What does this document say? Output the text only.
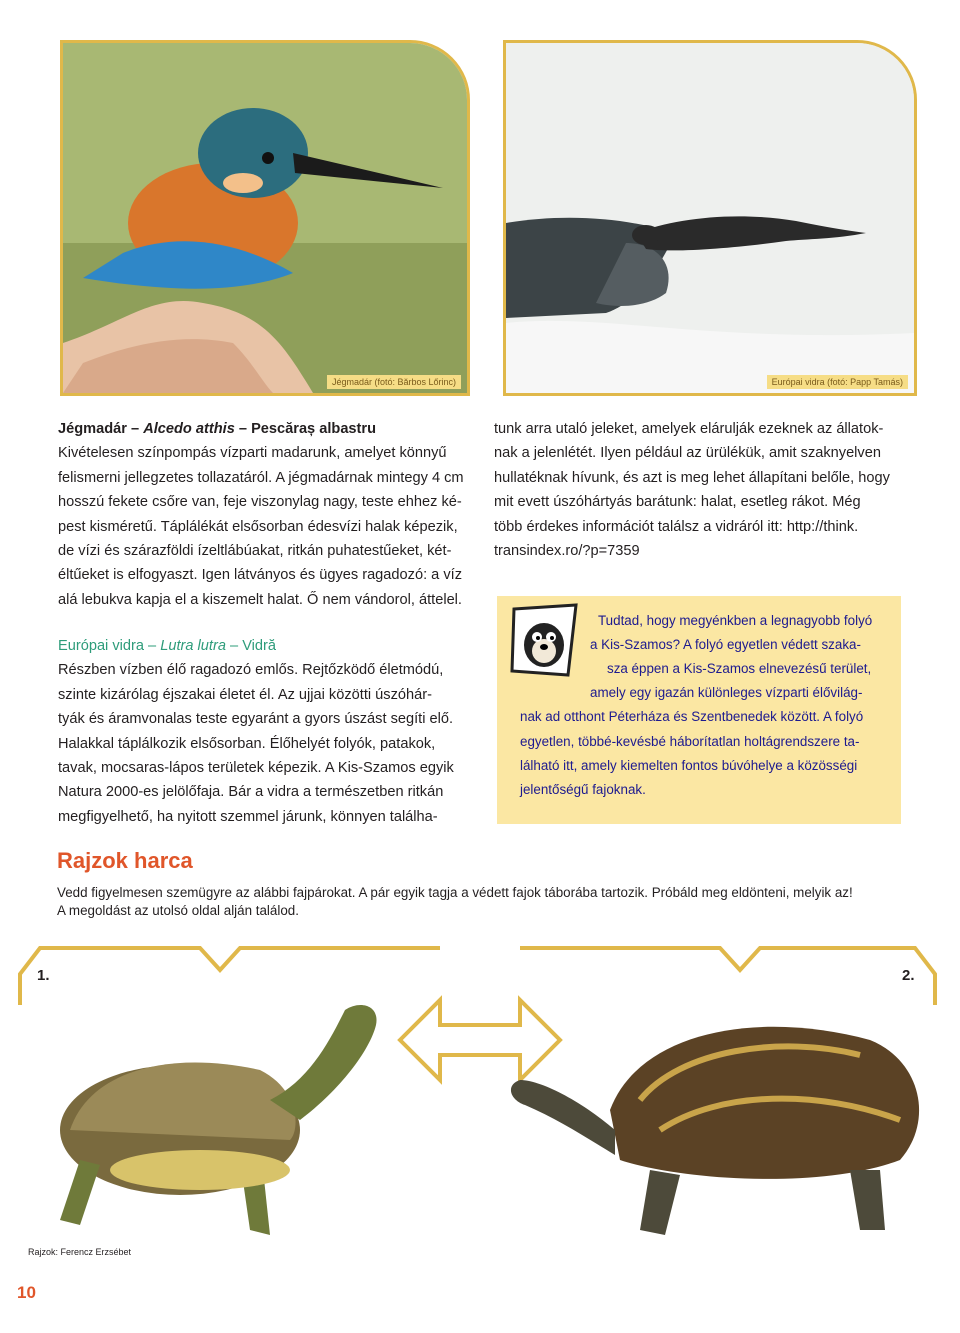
Jégmadár (fotó: Bărbos Lőrinc)	Európai vidra (fotó: Papp Tamás)

Jégmadár – Alcedo atthis – Pescăraș albastru

Kivételesen színpompás vízparti madarunk, amelyet könnyű

felismerni jellegzetes tollazatáról. A jégmadárnak mintegy 4 cm

hosszú fekete csőre van, feje viszonylag nagy, teste ehhez ké-

pest kisméretű. Táplálékát elsősorban édesvízi halak képezik,

de vízi és szárazföldi ízeltlábúakat, ritkán puhatestűeket, két-

éltűeket is elfogyaszt. Igen látványos és ügyes ragadozó: a víz

alá lebukva kapja el a kiszemelt halat. Ő nem vándorol, áttelel.

Európai vidra – Lutra lutra – Vidră

Részben vízben élő ragadozó emlős. Rejtőzködő életmódú,

szinte kizárólag éjszakai életet él. Az ujjai közötti úszóhár-

tyák és áramvonalas teste egyaránt a gyors úszást segíti elő.

Halakkal táplálkozik elsősorban. Élőhelyét folyók, patakok,

tavak, mocsaras-lápos területek képezik. A Kis-Szamos egyik

Natura 2000-es jelölőfaja. Bár a vidra a természetben ritkán

megfigyelhető, ha nyitott szemmel járunk, könnyen találha-

tunk arra utaló jeleket, amelyek elárulják ezeknek az állatok-

nak a jelenlétét. Ilyen például az ürülékük, amit szaknyelven

hullatéknak hívunk, és azt is meg lehet állapítani belőle, hogy

mit evett úszóhártyás barátunk: halat, esetleg rákot. Még

több érdekes információt találsz a vidráról itt: http://think.

transindex.ro/?p=7359

Tudtad, hogy megyénkben a legnagyobb folyó
a Kis-Szamos? A folyó egyetlen védett szaka-
sza éppen a Kis-Szamos elnevezésű terület,
amely egy igazán különleges vízparti élővilág-
nak ad otthont Péterháza és Szentbenedek között. A folyó
egyetlen, többé-kevésbé háborítatlan holtágrendszere ta-
lálható itt, amely kiemelten fontos búvóhelye a közösségi
jelentőségű fajoknak.
Rajzok harca

Vedd figyelmesen szemügyre az alábbi fajpárokat. A pár egyik tagja a védett fajok táborába tartozik. Próbáld meg eldönteni, melyik az!

A megoldást az utolsó oldal alján találod.

1.	2.
Rajzok: Ferencz Erzsébet
10
